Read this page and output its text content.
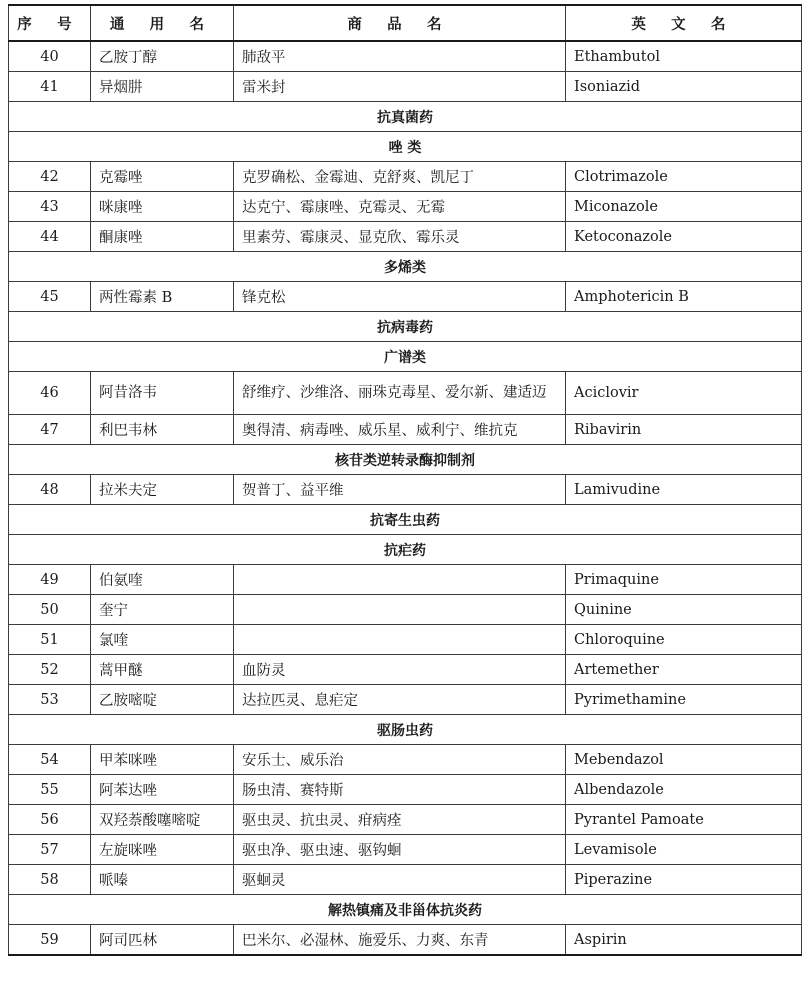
序 号	通 用 名	商 品 名	英 文 名
40	乙胺丁醇	肺敌平	Ethambutol
41	异烟肼	雷米封	Isoniazid
抗真菌药			
唑 类			
42	克霉唑	克罗确松、金霉迪、克舒爽、凯尼丁	Clotrimazole
43	咪康唑	达克宁、霉康唑、克霉灵、无霉	Miconazole
44	酮康唑	里素劳、霉康灵、显克欣、霉乐灵	Ketoconazole
多烯类			
45	两性霉素 B	锋克松	Amphotericin B
抗病毒药			
广谱类			
46	阿昔洛韦	舒维疗、沙维洛、丽珠克毒星、爱尔新、建适迈	Aciclovir
47	利巴韦林	奥得清、病毒唑、威乐星、威利宁、维抗克	Ribavirin
核苷类逆转录酶抑制剂			
48	拉米夫定	贺普丁、益平维	Lamivudine
抗寄生虫药			
抗疟药			
49	伯氨喹		Primaquine
50	奎宁		Quinine
51	氯喹		Chloroquine
52	蒿甲醚	血防灵	Artemether
53	乙胺嘧啶	达拉匹灵、息疟定	Pyrimethamine
驱肠虫药			
54	甲苯咪唑	安乐士、威乐治	Mebendazol
55	阿苯达唑	肠虫清、赛特斯	Albendazole
56	双羟萘酸噻嘧啶	驱虫灵、抗虫灵、疳病痊	Pyrantel Pamoate
57	左旋咪唑	驱虫净、驱虫速、驱钩蛔	Levamisole
58	哌嗪	驱蛔灵	Piperazine
解热镇痛及非甾体抗炎药			
59	阿司匹林	巴米尔、必湿林、施爱乐、力爽、东青	Aspirin
